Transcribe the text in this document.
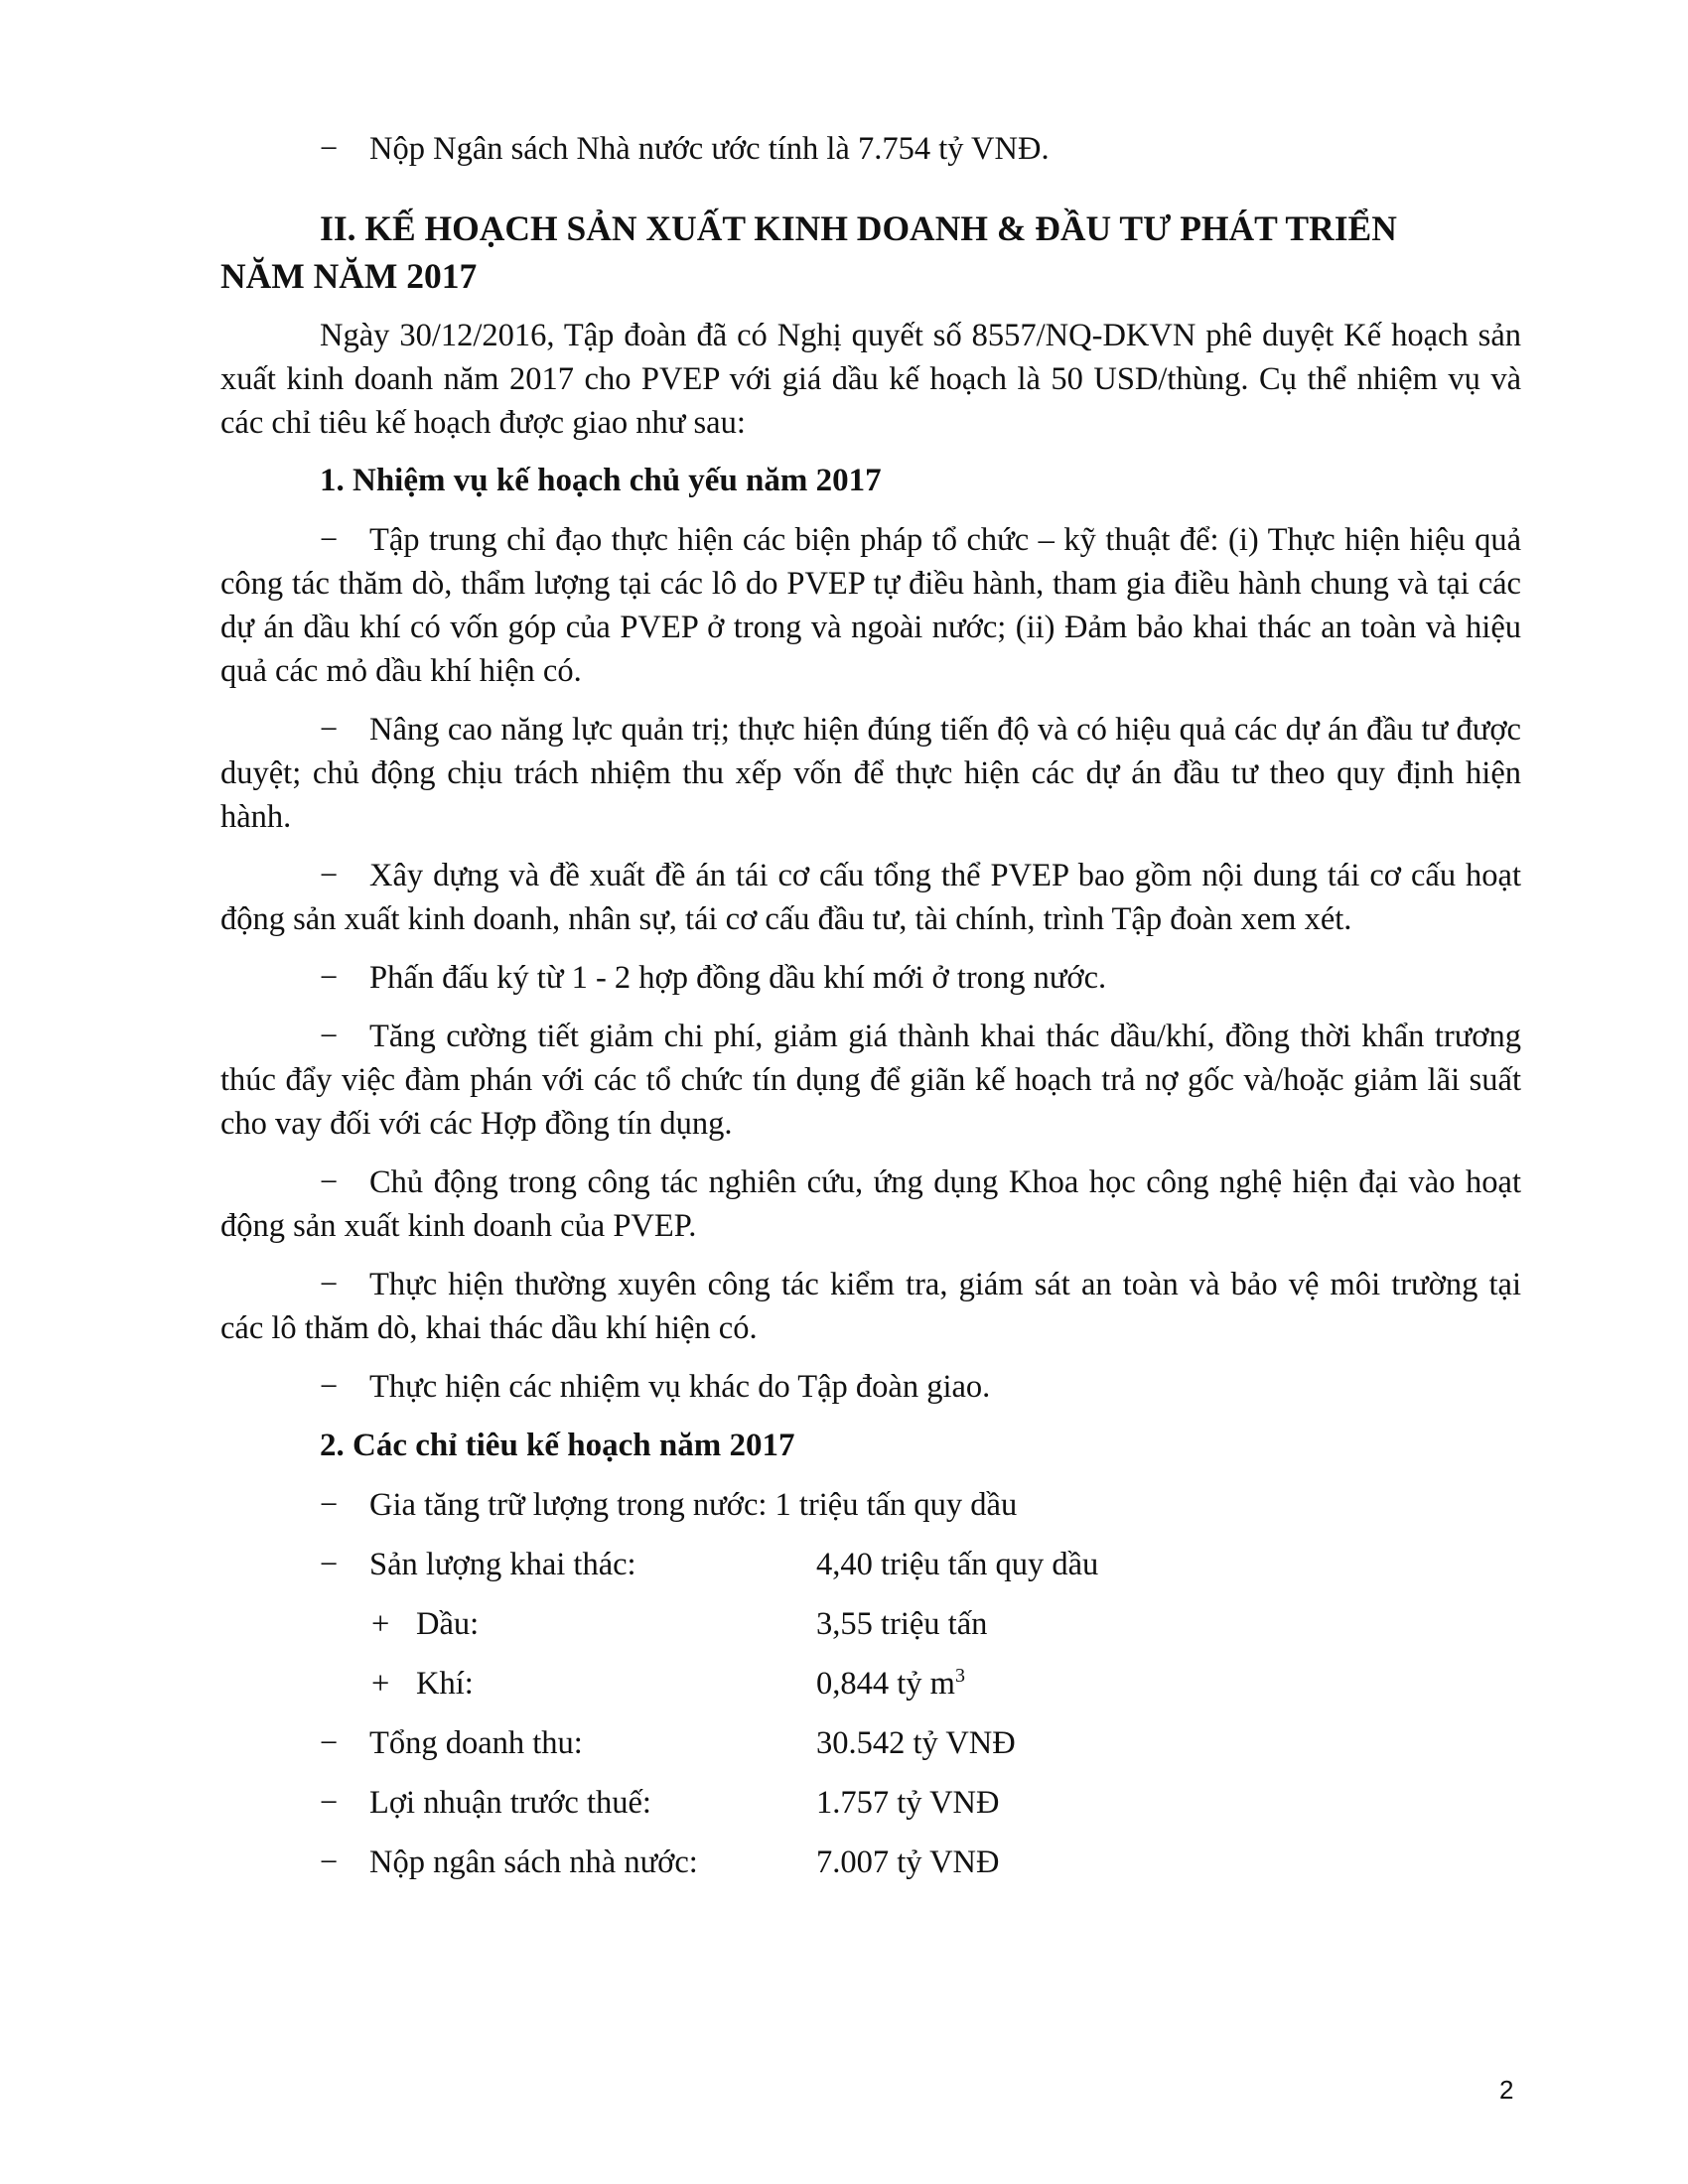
− Nộp Ngân sách Nhà nước ước tính là 7.754 tỷ VNĐ.

II. KẾ HOẠCH SẢN XUẤT KINH DOANH & ĐẦU TƯ PHÁT TRIỂN

NĂM NĂM 2017

Ngày 30/12/2016, Tập đoàn đã có Nghị quyết số 8557/NQ-DKVN phê duyệt Kế hoạch sản xuất kinh doanh năm 2017 cho PVEP với giá dầu kế hoạch là 50 USD/thùng. Cụ thể nhiệm vụ và các chỉ tiêu kế hoạch được giao như sau:

1. Nhiệm vụ kế hoạch chủ yếu năm 2017

− Tập trung chỉ đạo thực hiện các biện pháp tổ chức – kỹ thuật để: (i) Thực hiện hiệu quả công tác thăm dò, thẩm lượng tại các lô do PVEP tự điều hành, tham gia điều hành chung và tại các dự án dầu khí có vốn góp của PVEP ở trong và ngoài nước; (ii) Đảm bảo khai thác an toàn và hiệu quả các mỏ dầu khí hiện có.

− Nâng cao năng lực quản trị; thực hiện đúng tiến độ và có hiệu quả các dự án đầu tư được duyệt; chủ động chịu trách nhiệm thu xếp vốn để thực hiện các dự án đầu tư theo quy định hiện hành.

− Xây dựng và đề xuất đề án tái cơ cấu tổng thể PVEP bao gồm nội dung tái cơ cấu hoạt động sản xuất kinh doanh, nhân sự, tái cơ cấu đầu tư, tài chính, trình Tập đoàn xem xét.

− Phấn đấu ký từ 1 - 2 hợp đồng dầu khí mới ở trong nước.

− Tăng cường tiết giảm chi phí, giảm giá thành khai thác dầu/khí, đồng thời khẩn trương thúc đẩy việc đàm phán với các tổ chức tín dụng để giãn kế hoạch trả nợ gốc và/hoặc giảm lãi suất cho vay đối với các Hợp đồng tín dụng.

− Chủ động trong công tác nghiên cứu, ứng dụng Khoa học công nghệ hiện đại vào hoạt động sản xuất kinh doanh của PVEP.

− Thực hiện thường xuyên công tác kiểm tra, giám sát an toàn và bảo vệ môi trường tại các lô thăm dò, khai thác dầu khí hiện có.

− Thực hiện các nhiệm vụ khác do Tập đoàn giao.

2. Các chỉ tiêu kế hoạch năm 2017

− Gia tăng trữ lượng trong nước: 1 triệu tấn quy dầu
− Sản lượng khai thác:	4,40 triệu tấn quy dầu
+ Dầu:	3,55 triệu tấn
+ Khí:	0,844 tỷ $m^3$
− Tổng doanh thu:	30.542 tỷ VNĐ
− Lợi nhuận trước thuế:	1.757 tỷ VNĐ
− Nộp ngân sách nhà nước:	7.007 tỷ VNĐ
2
